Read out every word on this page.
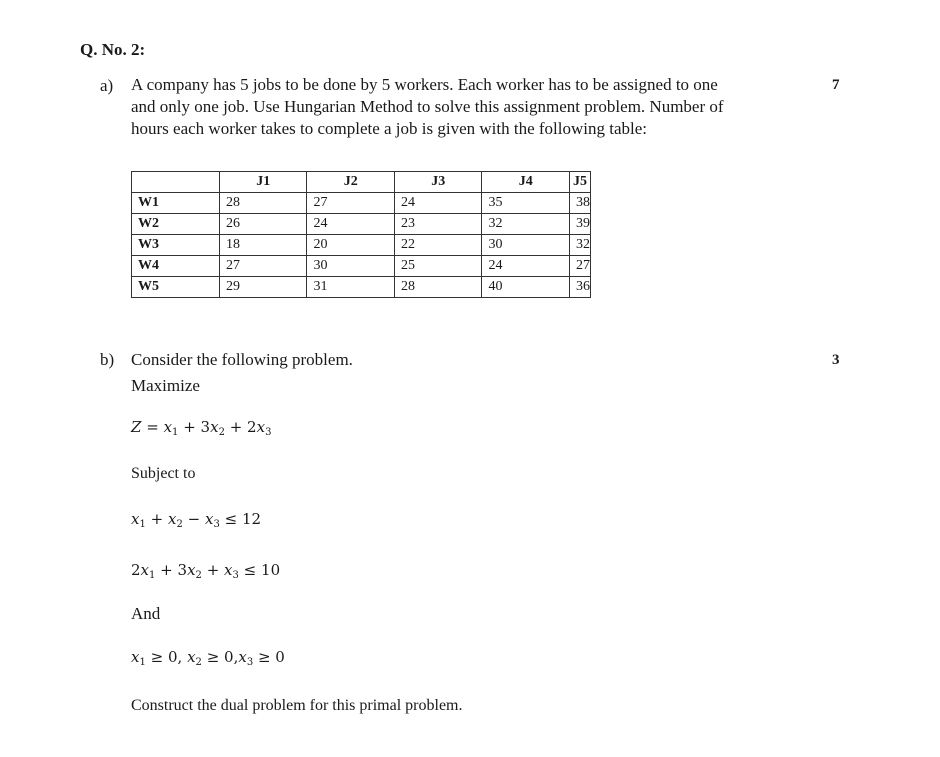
Q. No. 2:
a)	7
A company has 5 jobs to be done by 5 workers. Each worker has to be assigned to one
and only one job. Use Hungarian Method to solve this assignment problem. Number of
hours each worker takes to complete a job is given with the following table:
	J1	J2	J3	J4	J5
W1	28	27	24	35	38
W2	26	24	23	32	39
W3	18	20	22	30	32
W4	27	30	25	24	27
W5	29	31	28	40	36
b)	3
Consider the following problem.
Maximize
$Z = x_1 + 3x_2 + 2x_3$
Subject to
$x_1 + x_2 - x_3 \le 12$
$2x_1 + 3x_2 + x_3 \le 10$
And
$x_1 \ge 0$, $x_2 \ge 0,x_3 \ge 0$
Construct the dual problem for this primal problem.
